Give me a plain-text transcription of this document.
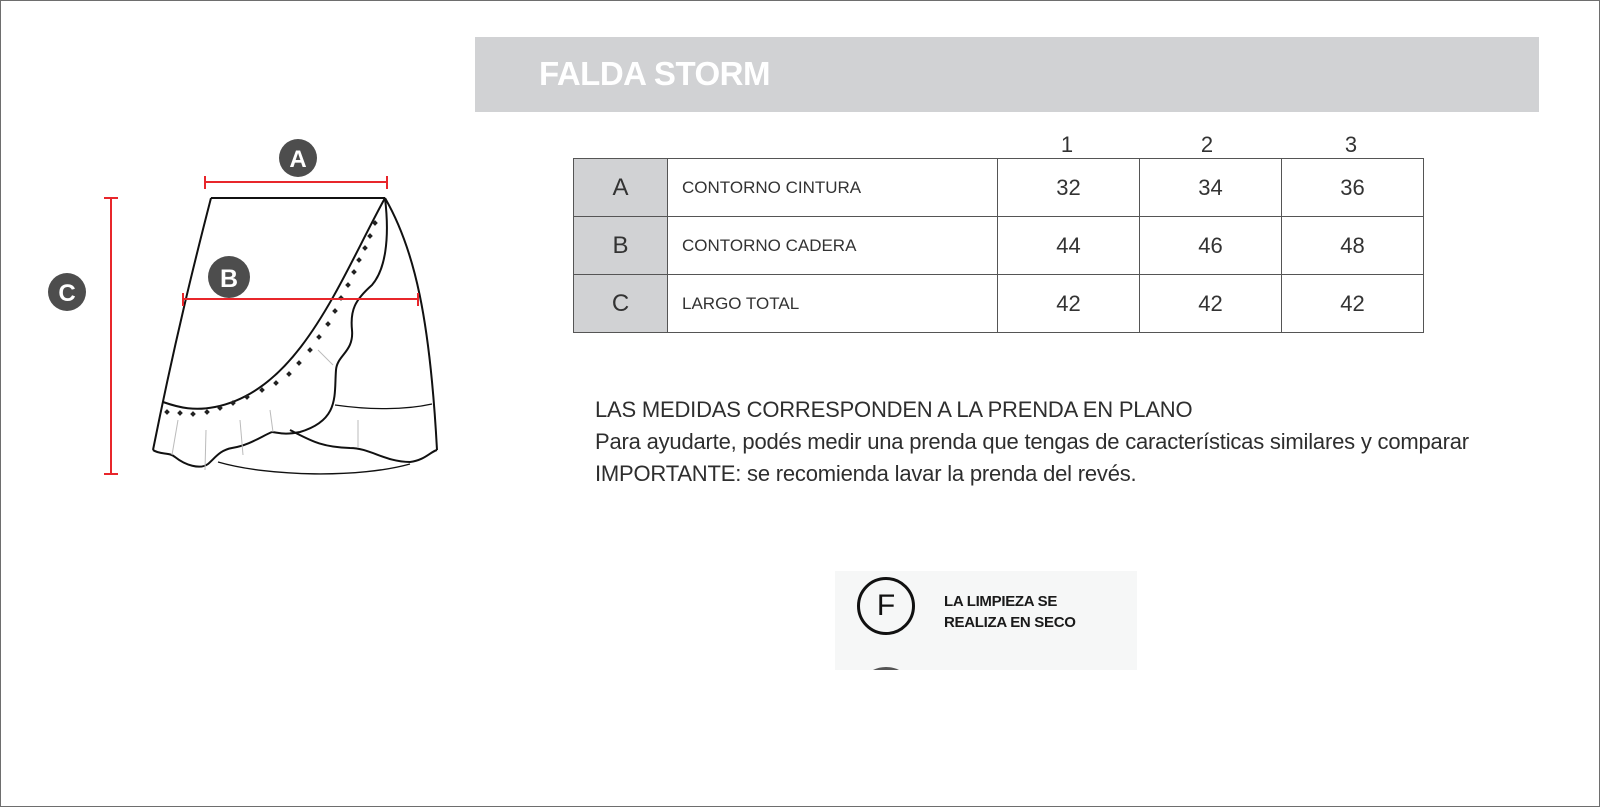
FALDA STORM
A
B
C
1	2	3
A	CONTORNO CINTURA	32	34	36
B	CONTORNO CADERA	44	46	48
C	LARGO TOTAL	42	42	42
LAS MEDIDAS CORRESPONDEN A LA PRENDA EN PLANO
Para ayudarte, podés medir una prenda que tengas de características similares y comparar
IMPORTANTE: se recomienda lavar la prenda del revés.
F	LA LIMPIEZA SE
REALIZA EN SECO
